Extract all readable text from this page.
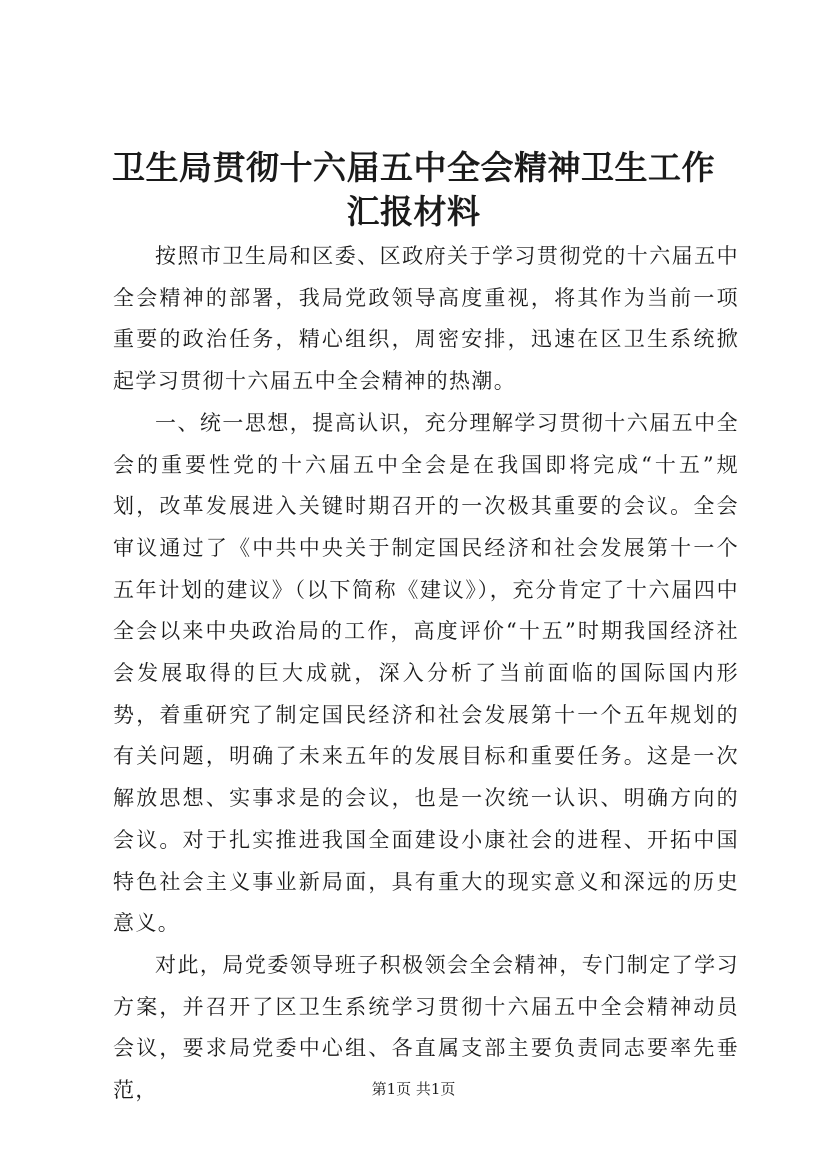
卫生局贯彻十六届五中全会精神卫生工作汇报材料

按照市卫生局和区委、区政府关于学习贯彻党的十六届五中全会精神的部署，我局党政领导高度重视，将其作为当前一项重要的政治任务，精心组织，周密安排，迅速在区卫生系统掀起学习贯彻十六届五中全会精神的热潮。

一、统一思想，提高认识，充分理解学习贯彻十六届五中全会的重要性党的十六届五中全会是在我国即将完成“十五”规划，改革发展进入关键时期召开的一次极其重要的会议。全会审议通过了《中共中央关于制定国民经济和社会发展第十一个五年计划的建议》（以下简称《建议》），充分肯定了十六届四中全会以来中央政治局的工作，高度评价“十五”时期我国经济社会发展取得的巨大成就，深入分析了当前面临的国际国内形势，着重研究了制定国民经济和社会发展第十一个五年规划的有关问题，明确了未来五年的发展目标和重要任务。这是一次解放思想、实事求是的会议，也是一次统一认识、明确方向的会议。对于扎实推进我国全面建设小康社会的进程、开拓中国特色社会主义事业新局面，具有重大的现实意义和深远的历史意义。

对此，局党委领导班子积极领会全会精神，专门制定了学习方案，并召开了区卫生系统学习贯彻十六届五中全会精神动员会议，要求局党委中心组、各直属支部主要负责同志要率先垂范，	第1页 共1页
